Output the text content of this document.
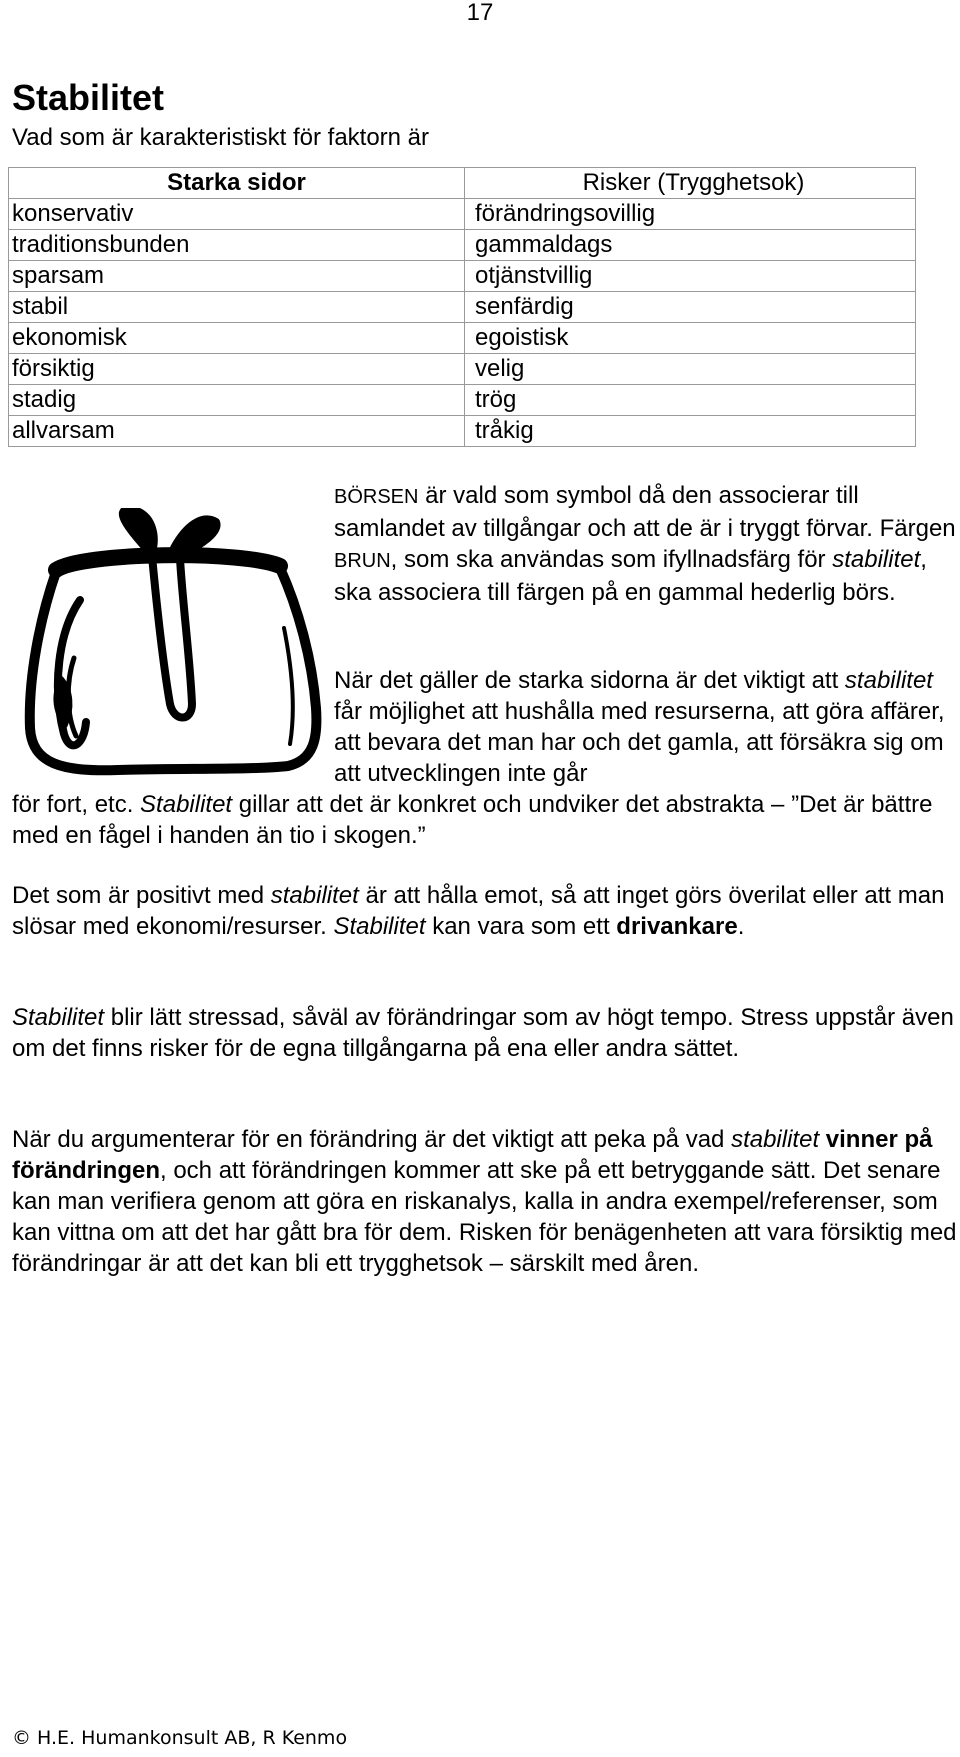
17
Stabilitet
Vad som är karakteristiskt för faktorn är
Starka sidor	Risker (Trygghetsok)
konservativ	förändringsovillig
traditionsbunden	gammaldags
sparsam	otjänstvillig
stabil	senfärdig
ekonomisk	egoistisk
försiktig	velig
stadig	trög
allvarsam	tråkig

BÖRSEN är vald som symbol då den associerar till samlandet av tillgångar och att de är i tryggt förvar. Färgen BRUN, som ska användas som ifyllnadsfärg för stabilitet, ska associera till färgen på en gammal hederlig börs.

När det gäller de starka sidorna är det viktigt att stabilitet får möjlighet att hushålla med resurserna, att göra affärer, att bevara det man har och det gamla, att försäkra sig om att utvecklingen inte går

för fort, etc. Stabilitet gillar att det är konkret och undviker det abstrakta – ”Det är bättre med en fågel i handen än tio i skogen.”

Det som är positivt med stabilitet är att hålla emot, så att inget görs överilat eller att man slösar med ekonomi/resurser. Stabilitet kan vara som ett drivankare.

Stabilitet blir lätt stressad, såväl av förändringar som av högt tempo. Stress uppstår även om det finns risker för de egna tillgångarna på ena eller andra sättet.

När du argumenterar för en förändring är det viktigt att peka på vad stabilitet vinner på förändringen, och att förändringen kommer att ske på ett betryggande sätt. Det senare kan man verifiera genom att göra en riskanalys, kalla in andra exempel/referenser, som kan vittna om att det har gått bra för dem. Risken för benägenheten att vara försiktig med förändringar är att det kan bli ett trygghetsok – särskilt med åren.

© H.E. Humankonsult AB, R Kenmo
